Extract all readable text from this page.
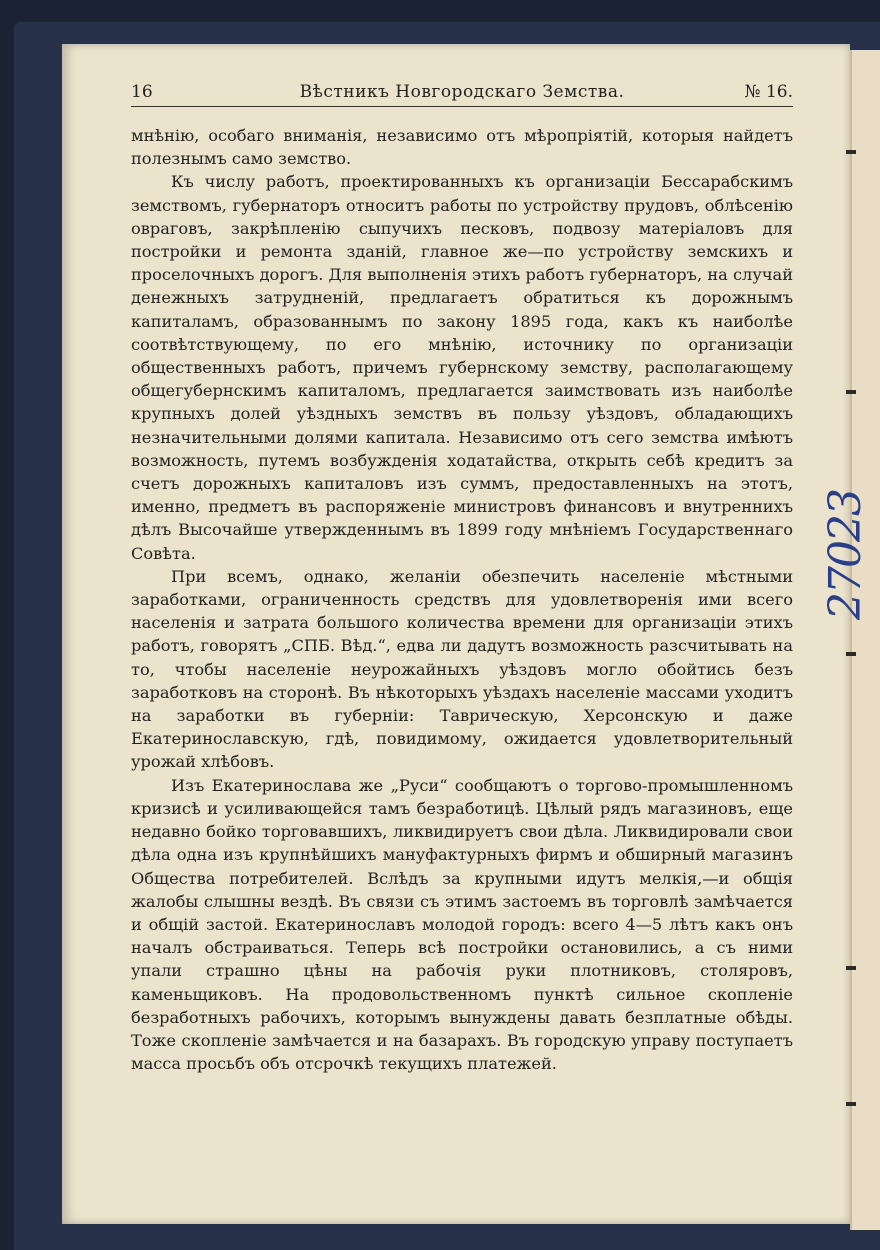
16	Вѣстникъ Новгородскаго Земства.	№ 16.

мнѣнію, особаго вниманія, независимо отъ мѣропріятій, которыя найдетъ полезнымъ само земство.

Къ числу работъ, проектированныхъ къ организаціи Бессарабскимъ земствомъ, губернаторъ относитъ работы по устройству прудовъ, облѣсенію овраговъ, закрѣпленію сыпучихъ песковъ, подвозу матеріаловъ для постройки и ремонта зданій, главное же—по устройству земскихъ и проселочныхъ дорогъ. Для выполненія этихъ работъ губернаторъ, на случай денежныхъ затрудненій, предлагаетъ обратиться къ дорожнымъ капиталамъ, образованнымъ по закону 1895 года, какъ къ наиболѣе соотвѣтствующему, по его мнѣнію, источнику по организаціи общественныхъ работъ, причемъ губернскому земству, располагающему общегубернскимъ капиталомъ, предлагается заимствовать изъ наиболѣе крупныхъ долей уѣздныхъ земствъ въ пользу уѣздовъ, обладающихъ незначительными долями капитала. Независимо отъ сего земства имѣютъ возможность, путемъ возбужденія ходатайства, открыть себѣ кредитъ за счетъ дорожныхъ капиталовъ изъ суммъ, предоставленныхъ на этотъ, именно, предметъ въ распоряженіе министровъ финансовъ и внутреннихъ дѣлъ Высочайше утвержденнымъ въ 1899 году мнѣніемъ Государственнаго Совѣта.

При всемъ, однако, желаніи обезпечить населеніе мѣстными заработками, ограниченность средствъ для удовлетворенія ими всего населенія и затрата большого количества времени для организаціи этихъ работъ, говорятъ „СПБ. Вѣд.“, едва ли дадутъ возможность разсчитывать на то, чтобы населеніе неурожайныхъ уѣздовъ могло обойтись безъ заработковъ на сторонѣ. Въ нѣкоторыхъ уѣздахъ населеніе массами уходитъ на заработки въ губерніи: Таврическую, Херсонскую и даже Екатеринославскую, гдѣ, повидимому, ожидается удовлетворительный урожай хлѣбовъ.

Изъ Екатеринослава же „Руси“ сообщаютъ о торгово-промышленномъ кризисѣ и усиливающейся тамъ безработицѣ. Цѣлый рядъ магазиновъ, еще недавно бойко торговавшихъ, ликвидируетъ свои дѣла. Ликвидировали свои дѣла одна изъ крупнѣйшихъ мануфактурныхъ фирмъ и обширный магазинъ Общества потребителей. Вслѣдъ за крупными идутъ мелкія,—и общія жалобы слышны вездѣ. Въ связи съ этимъ застоемъ въ торговлѣ замѣчается и общій застой. Екатеринославъ молодой городъ: всего 4—5 лѣтъ какъ онъ началъ обстраиваться. Теперь всѣ постройки остановились, а съ ними упали страшно цѣны на рабочія руки плотниковъ, столяровъ, каменьщиковъ. На продовольственномъ пунктѣ сильное скопленіе безработныхъ рабочихъ, которымъ вынуждены давать безплатные обѣды. Тоже скопленіе замѣчается и на базарахъ. Въ городскую управу поступаетъ масса просьбъ объ отсрочкѣ текущихъ платежей.

27023
